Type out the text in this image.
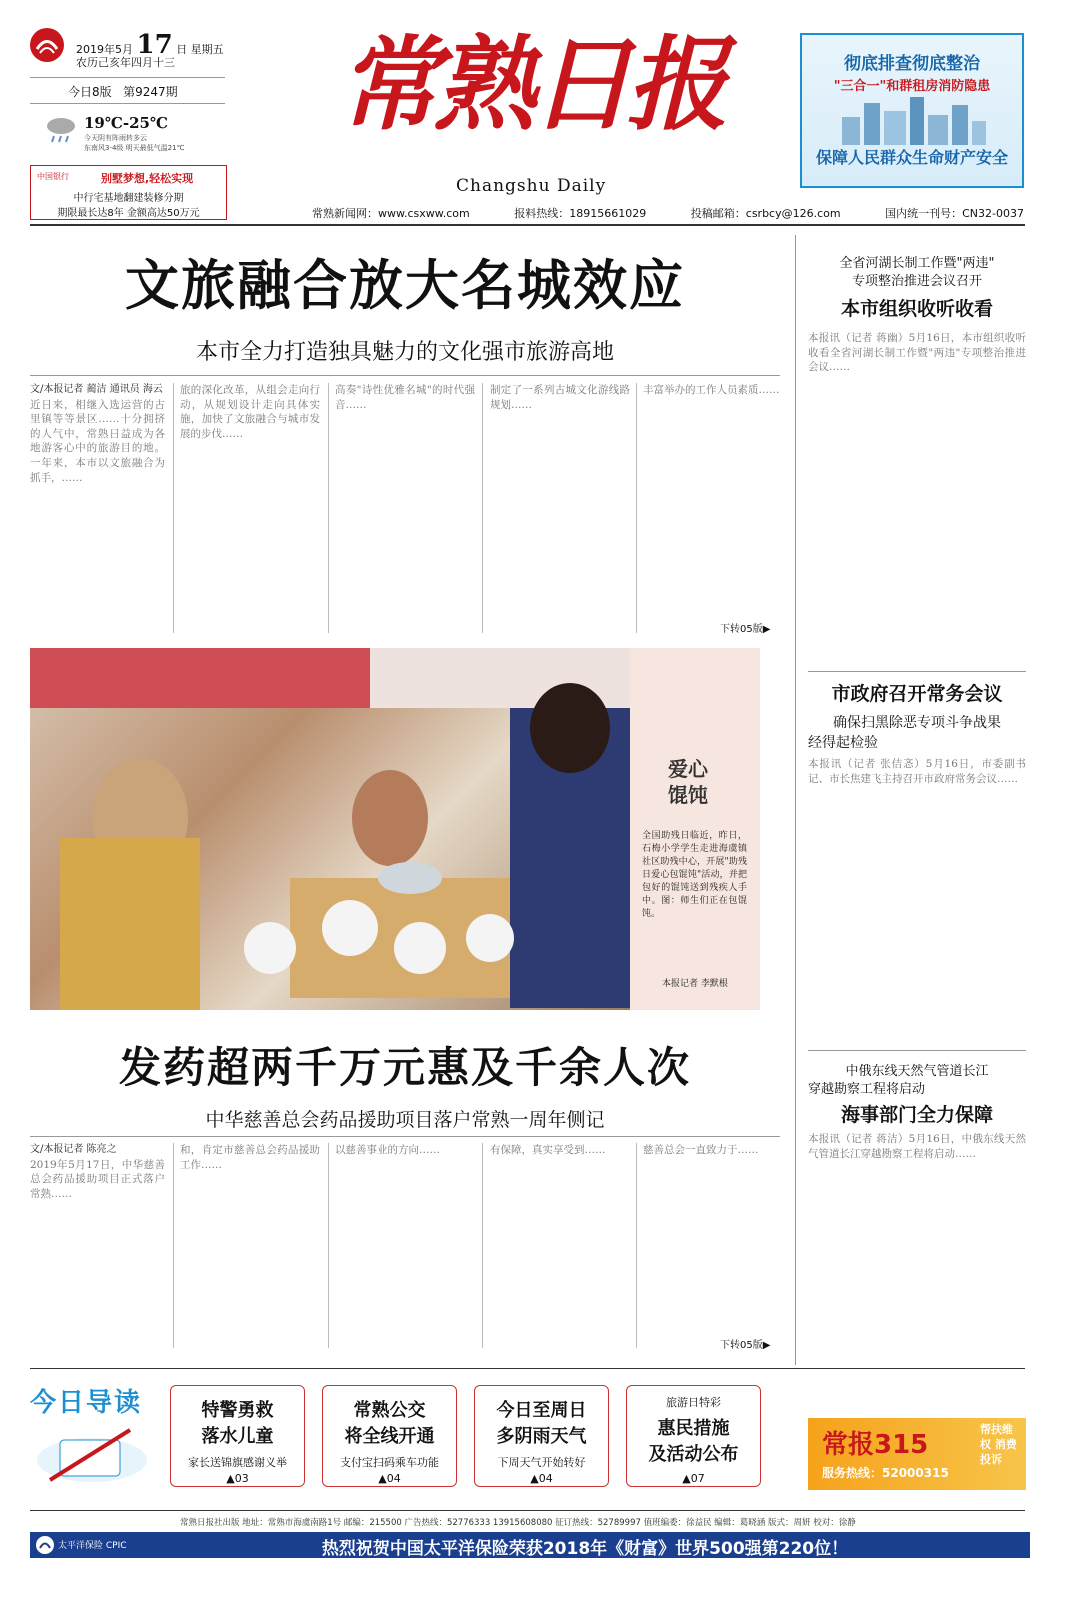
2019年5月 17 日 星期五
农历己亥年四月十三
今日8版 第9247期
19℃-25℃
今天阴有阵雨转多云
东南风3-4级 明天最低气温21℃
中国银行	别墅梦想,轻松实现
中行宅基地翻建装修分期
期限最长达8年 金额高达50万元
常熟日报
Changshu Daily
彻底排查彻底整治
"三合一"和群租房消防隐患
保障人民群众生命财产安全
常熟新闻网：www.csxww.com	报料热线：18915661029	投稿邮箱：csrbcy@126.com	国内统一刊号：CN32-0037
文旅融合放大名城效应
本市全力打造独具魅力的文化强市旅游高地
文/本报记者 蔺洁 通讯员 海云
近日来，相继入选运营的古里镇等等景区……十分拥挤的人气中，常熟日益成为各地游客心中的旅游目的地。一年来，本市以文旅融合为抓手，……
旅的深化改革，从组会走向行动，从规划设计走向具体实施，加快了文旅融合与城市发展的步伐……
高奏"诗性优雅名城"的时代强音……
制定了一系列古城文化游线路规划……
丰富举办的工作人员素质……
下转05版▶
爱心馄饨
全国助残日临近，昨日，石梅小学学生走进海虞镇社区助残中心，开展"助残日爱心包馄饨"活动，并把包好的馄饨送到残疾人手中。图：师生们正在包馄饨。
本报记者 李默根
发药超两千万元惠及千余人次
中华慈善总会药品援助项目落户常熟一周年侧记
文/本报记者 陈亮之
2019年5月17日，中华慈善总会药品援助项目正式落户常熟……
和，肯定市慈善总会药品援助工作……
以慈善事业的方向……	有保障，真实享受到……	慈善总会一直致力于……
下转05版▶
全省河湖长制工作暨"两违"
专项整治推进会议召开
本市组织收听收看
本报讯（记者 蒋幽）5月16日，本市组织收听收看全省河湖长制工作暨"两违"专项整治推进会议……
市政府召开常务会议
确保扫黑除恶专项斗争战果
经得起检验
本报讯（记者 张佶忞）5月16日，市委副书记、市长焦建飞主持召开市政府常务会议……
中俄东线天然气管道长江
穿越勘察工程将启动
海事部门全力保障
本报讯（记者 蒋洁）5月16日，中俄东线天然气管道长江穿越勘察工程将启动……
今日导读	特警勇救
落水儿童
家长送锦旗感谢义举
▲03
常熟公交
将全线开通
支付宝扫码乘车功能
▲04
今日至周日
多阴雨天气
下周天气开始转好
▲04
旅游日特彩
惠民措施
及活动公布
▲07
常报315
服务热线：52000315
帮扶维权 消费投诉
常熟日报社出版 地址：常熟市海虞南路1号 邮编：215500 广告热线：52776333 13915608080 征订热线：52789997 值班编委：徐益民 编辑：葛晓涵 版式：周妍 校对：徐静
太平洋保险 CPIC	热烈祝贺中国太平洋保险荣获2018年《财富》世界500强第220位！
